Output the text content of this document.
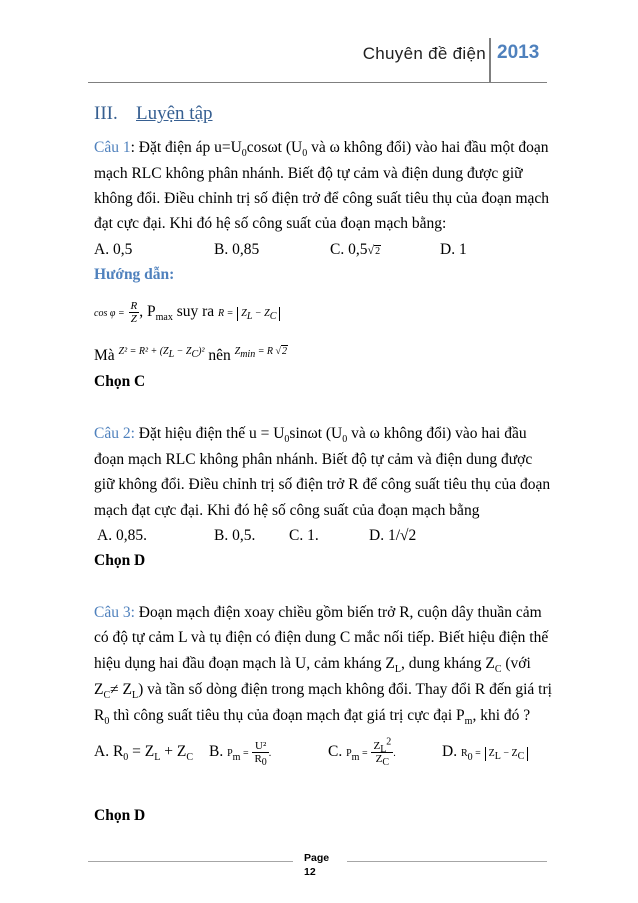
Chuyên đề điện 2013
III. Luyện tập
Câu 1: Đặt điện áp $u=U_0\cos\omega t$ ($U_0$ và ω không đổi) vào hai đầu một đoạn
mạch RLC không phân nhánh. Biết độ tự cảm và điện dung được giữ
không đổi. Điều chỉnh trị số điện trở để công suất tiêu thụ của đoạn mạch
đạt cực đại. Khi đó hệ số công suất của đoạn mạch bằng:
A. 0,5	B. 0,85	C. 0,5√2	D. 1
Hướng dẫn:
$\cos \varphi = \frac{R}{Z}$ , $P_{max}$ suy ra $R = Z_L - Z_C$
Mà $^{Z^2 = R^2 + (Z_L - Z_C)^2}$ nên $^{Z_{min} = R √2}$
Chọn C
Câu 2: Đặt hiệu điện thế $u = U_0\sin\omega t$ ($U_0$ và ω không đổi) vào hai đầu
đoạn mạch RLC không phân nhánh. Biết độ tự cảm và điện dung được
giữ không đổi. Điều chỉnh trị số điện trở R để công suất tiêu thụ của đoạn
mạch đạt cực đại. Khi đó hệ số công suất của đoạn mạch bằng
A. 0,85.	B. 0,5. C. 1.	D. 1/√2
Chọn D
Câu 3: Đoạn mạch điện xoay chiều gồm biến trở R, cuộn dây thuần cảm
có độ tự cảm L và tụ điện có điện dung C mắc nối tiếp. Biết hiệu điện thế
hiệu dụng hai đầu đoạn mạch là U, cảm kháng $Z_L$, dung kháng $Z_C$ (với
$Z_C\ne Z_L$) và tần số dòng điện trong mạch không đổi. Thay đổi R đến giá trị
$R_0$ thì công suất tiêu thụ của đoạn mạch đạt giá trị cực đại $P_m$, khi đó ?
A. $R_0 = Z_L + Z_C$ B. $P_m = \frac{\text{U²}}{R_0}$ .	C. $P_m = \frac{Z_L^2}{Z_C}$ .	D. $R_0 = Z_L - Z_C$
Chọn D
Page
12
